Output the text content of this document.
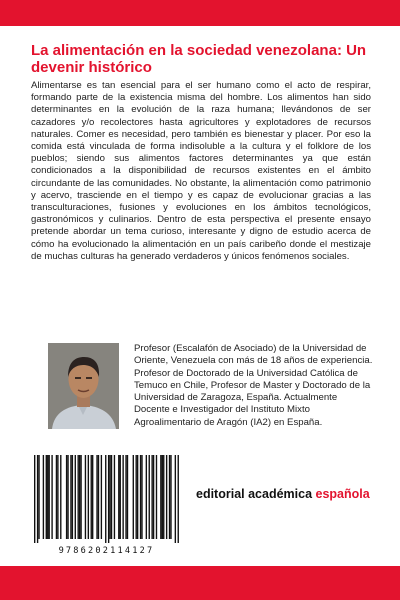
La alimentación en la sociedad venezolana: Un devenir histórico

Alimentarse es tan esencial para el ser humano como el acto de respirar, formando parte de la existencia misma del hombre. Los alimentos han sido determinantes en la evolución de la raza humana; llevándonos de ser cazadores y/o recolectores hasta agricultores y explotadores de recursos naturales. Comer es necesidad, pero también es bienestar y placer. Por eso la comida está vinculada de forma indisoluble a la cultura y el folklore de los pueblos; siendo sus alimentos factores determinantes ya que están condicionados a la disponibilidad de recursos existentes en el ámbito circundante de las comunidades. No obstante, la alimentación como patrimonio y acervo, trasciende en el tiempo y es capaz de evolucionar gracias a las transculturaciones, fusiones y evoluciones en los ámbitos tecnológicos, gastronómicos y culinarios. Dentro de esta perspectiva el presente ensayo pretende abordar un tema curioso, interesante y digno de estudio acerca de cómo ha evolucionado la alimentación en un país caribeño donde el mestizaje de muchas culturas ha generado verdaderos y únicos fenómenos sociales.

Profesor (Escalafón de Asociado) de la Universidad de Oriente, Venezuela con más de 18 años de experiencia. Profesor de Doctorado de la Universidad Católica de Temuco en Chile, Profesor de Master y Doctorado de la Universidad de Zaragoza, España. Actualmente Docente e Investigador del Instituto Mixto Agroalimentario de Aragón (IA2) en España.

9786202114127
editorial académica española
